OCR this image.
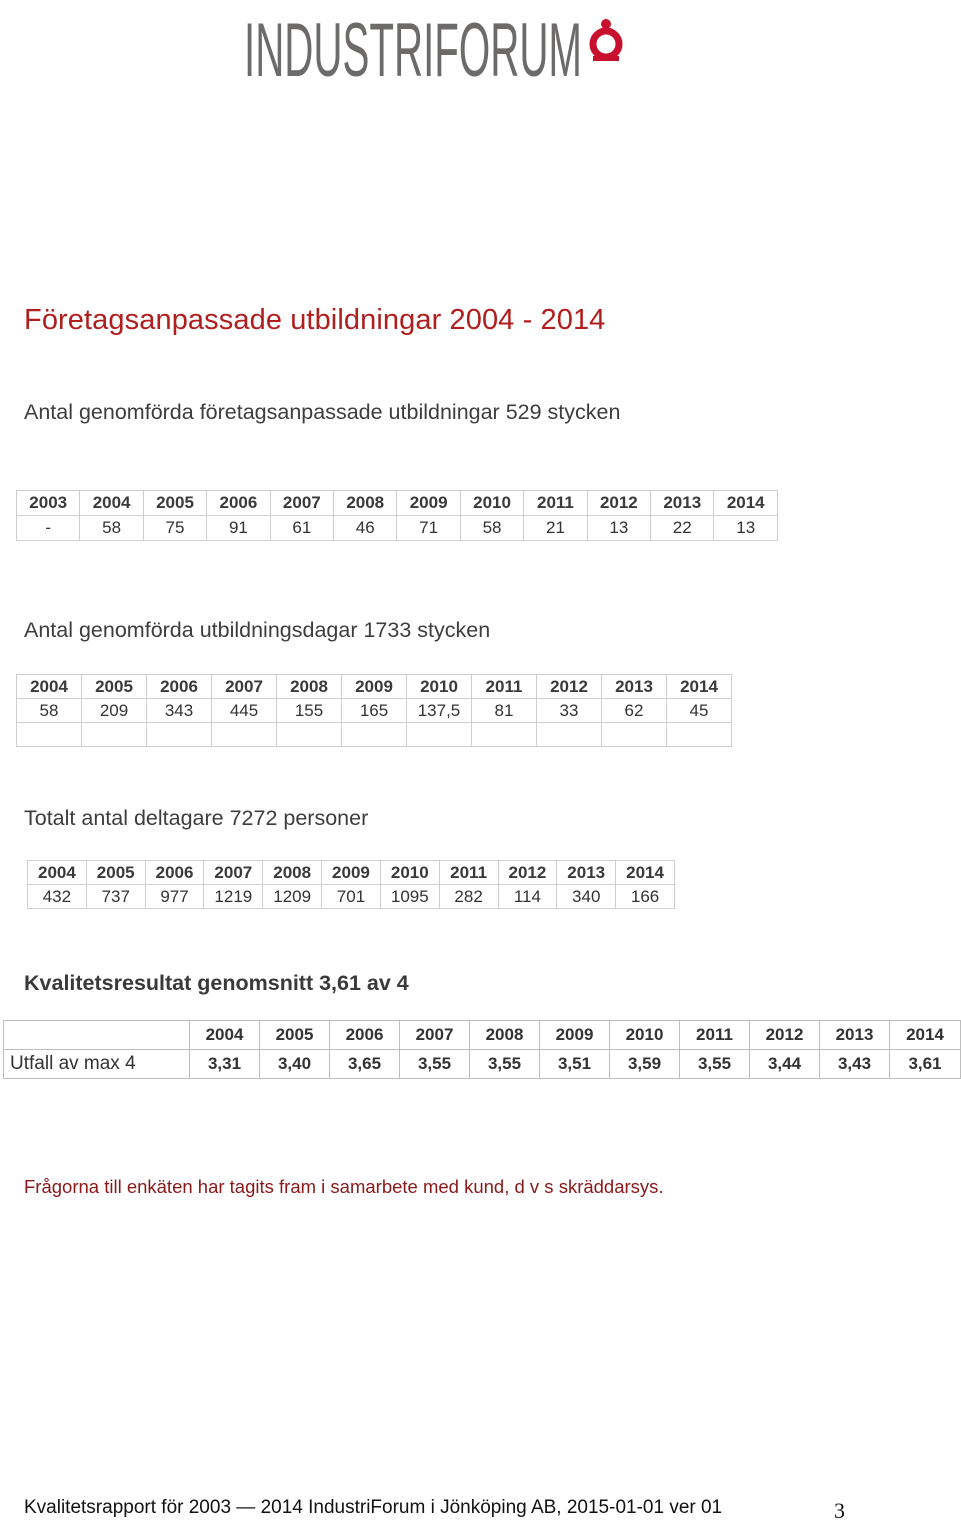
INDUSTRIFORUM
Företagsanpassade utbildningar 2004 - 2014
Antal genomförda företagsanpassade utbildningar 529 stycken
2003	2004	2005	2006	2007	2008	2009	2010	2011	2012	2013	2014
-	58	75	91	61	46	71	58	21	13	22	13
Antal genomförda utbildningsdagar 1733 stycken
2004	2005	2006	2007	2008	2009	2010	2011	2012	2013	2014
58	209	343	445	155	165	137,5	81	33	62	45

Totalt antal deltagare 7272 personer
2004	2005	2006	2007	2008	2009	2010	2011	2012	2013	2014
432	737	977	1219	1209	701	1095	282	114	340	166
Kvalitetsresultat genomsnitt 3,61 av 4
	2004	2005	2006	2007	2008	2009	2010	2011	2012	2013	2014
Utfall av max 4	3,31	3,40	3,65	3,55	3,55	3,51	3,59	3,55	3,44	3,43	3,61

Frågorna till enkäten har tagits fram i samarbete med kund, d v s skräddarsys.

Kvalitetsrapport för 2003 — 2014 IndustriForum i Jönköping AB, 2015-01-01 ver 01	3
